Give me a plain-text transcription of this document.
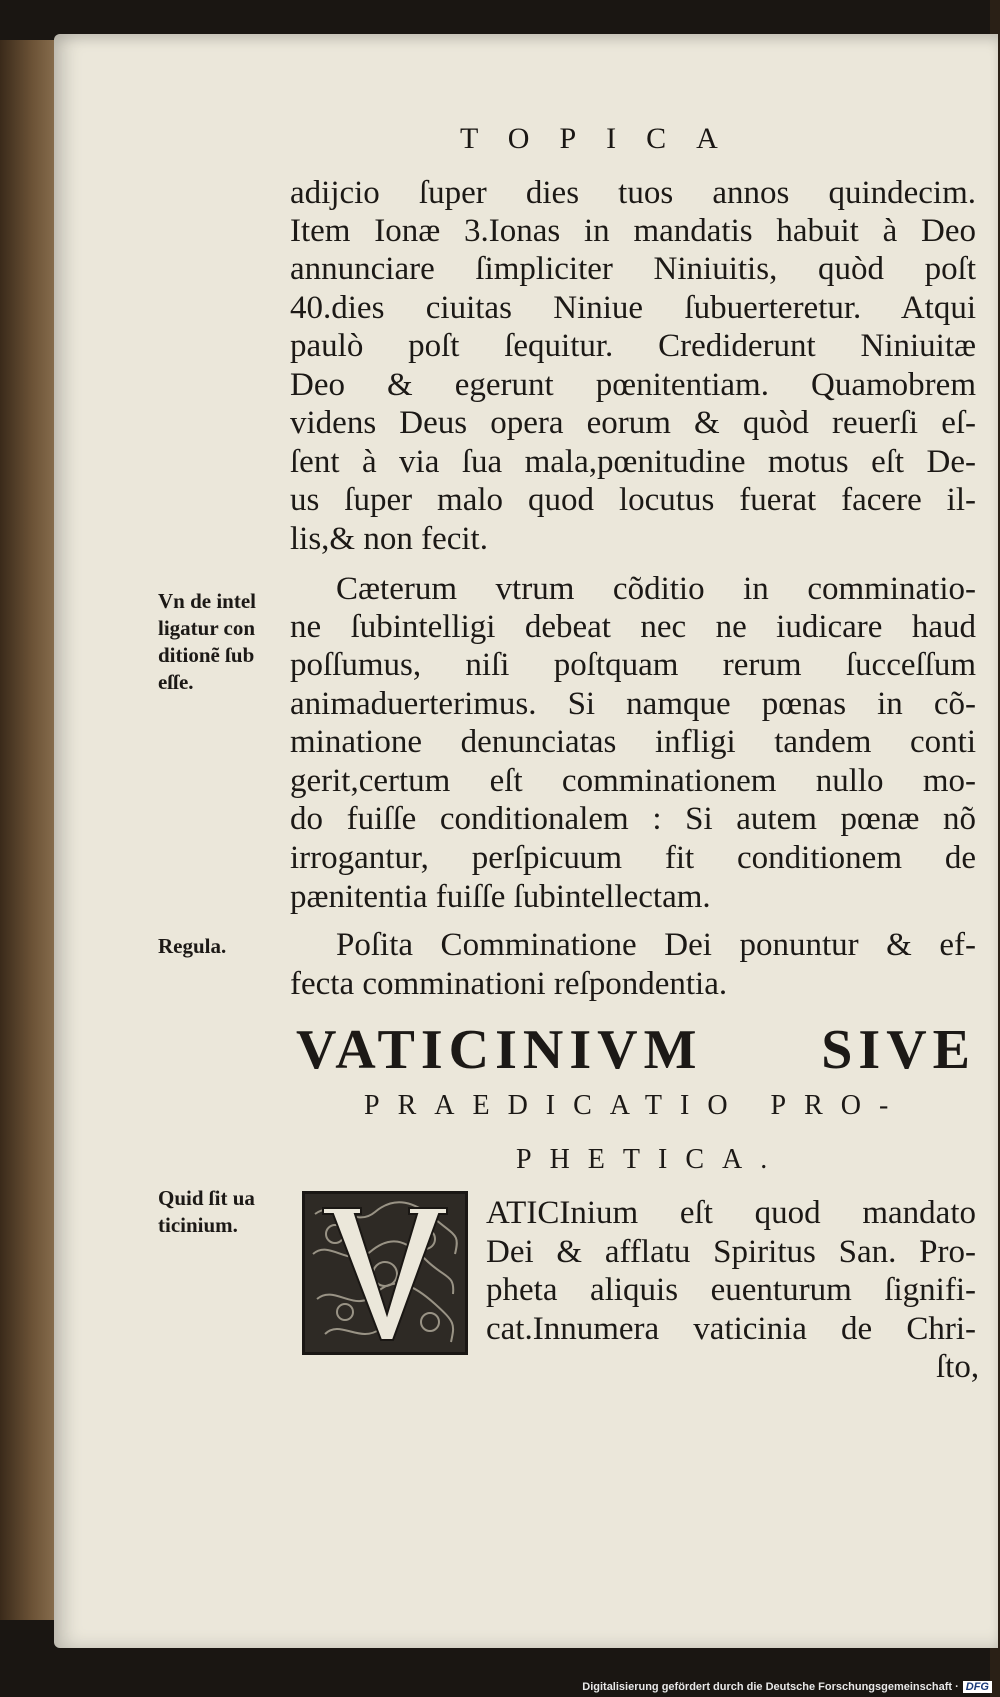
TOPICA
adijcio ſuper dies tuos annos quindecim.
Item Ionæ 3.Ionas in mandatis habuit à Deo
annunciare ſimpliciter Niniuitis, quòd poſt
40.dies ciuitas Niniue ſubuerteretur. Atqui
paulò poſt ſequitur. Crediderunt Niniuitæ
Deo & egerunt pœnitentiam. Quamobrem
videns Deus opera eorum & quòd reuerſi eſ-
ſent à via ſua mala,pœnitudine motus eſt De-
us ſuper malo quod locutus fuerat facere il-
lis,& non fecit.
Cæterum vtrum cõditio in comminatio-
ne ſubintelligi debeat nec ne iudicare haud
poſſumus, niſi poſtquam rerum ſucceſſum
animaduerterimus. Si namque pœnas in cõ-
minatione denunciatas infligi tandem conti
gerit,certum eſt comminationem nullo mo-
do fuiſſe conditionalem : Si autem pœnæ nõ
irrogantur, perſpicuum fit conditionem de
pænitentia fuiſſe ſubintellectam.
Poſita Comminatione Dei ponuntur & ef-
fecta comminationi reſpondentia.
Vn de intel
ligatur con
ditionẽ ſub
eſſe.
Regula.
Quid ſit ua
ticinium.
VATICINIVM SIVE
PRAEDICATIO PRO-
PHETICA.
ATICInium eſt quod mandato
Dei & afflatu Spiritus San. Pro-
pheta aliquis euenturum ſignifi-
cat.Innumera vaticinia de Chri-
ſto,
Digitalisierung gefördert durch die Deutsche Forschungsgemeinschaft · DFG
